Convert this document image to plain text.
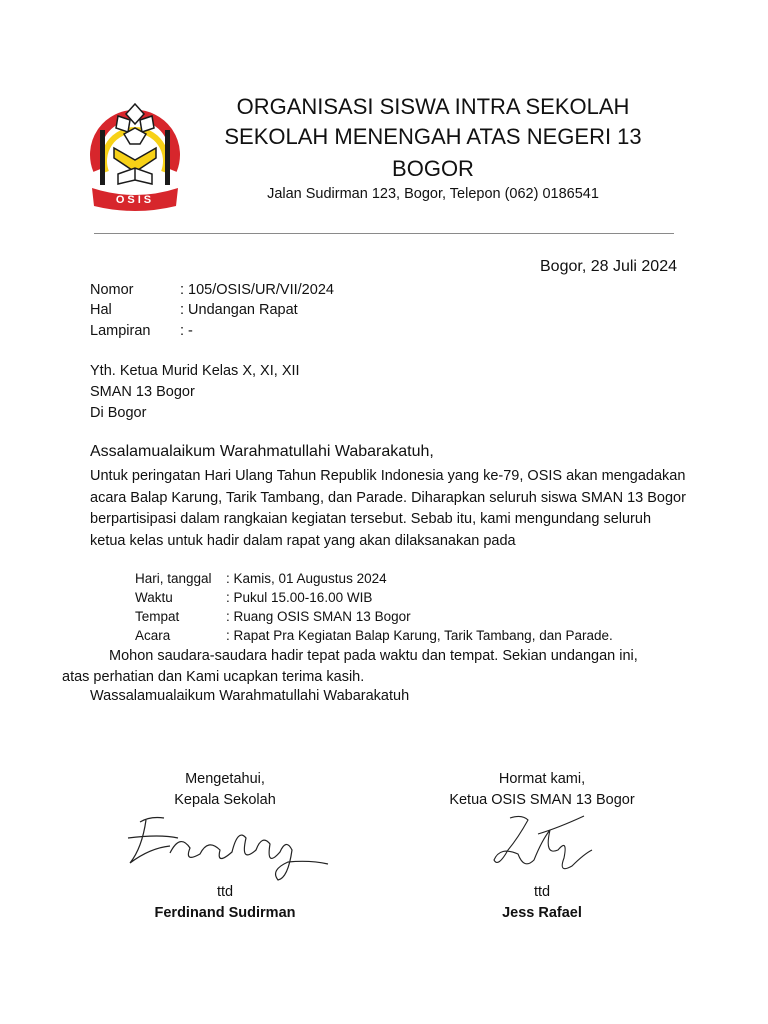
OSIS
ORGANISASI SISWA INTRA SEKOLAH
SEKOLAH MENENGAH ATAS NEGERI 13
BOGOR
Jalan Sudirman 123, Bogor, Telepon (062) 0186541
Bogor, 28 Juli 2024
Nomor	: 105/OSIS/UR/VII/2024
Hal	: Undangan Rapat
Lampiran : -
Yth. Ketua Murid Kelas X, XI, XII
SMAN 13 Bogor
Di Bogor
Assalamualaikum Warahmatullahi Wabarakatuh,
Untuk peringatan Hari Ulang Tahun Republik Indonesia yang ke-79, OSIS akan mengadakan acara Balap Karung, Tarik Tambang, dan Parade. Diharapkan seluruh siswa SMAN 13 Bogor berpartisipasi dalam rangkaian kegiatan tersebut. Sebab itu, kami mengundang seluruh ketua kelas untuk hadir dalam rapat yang akan dilaksanakan pada
Hari, tanggal : Kamis, 01 Augustus 2024
Waktu	: Pukul 15.00-16.00 WIB
Tempat	: Ruang OSIS SMAN 13 Bogor
Acara	: Rapat Pra Kegiatan Balap Karung, Tarik Tambang, dan Parade.
Mohon saudara-saudara hadir tepat pada waktu dan tempat. Sekian undangan ini, atas perhatian dan Kami ucapkan terima kasih.
Wassalamualaikum Warahmatullahi Wabarakatuh
Mengetahui,
Kepala Sekolah
ttd
Ferdinand Sudirman
Hormat kami,
Ketua OSIS SMAN 13 Bogor
ttd
Jess Rafael
